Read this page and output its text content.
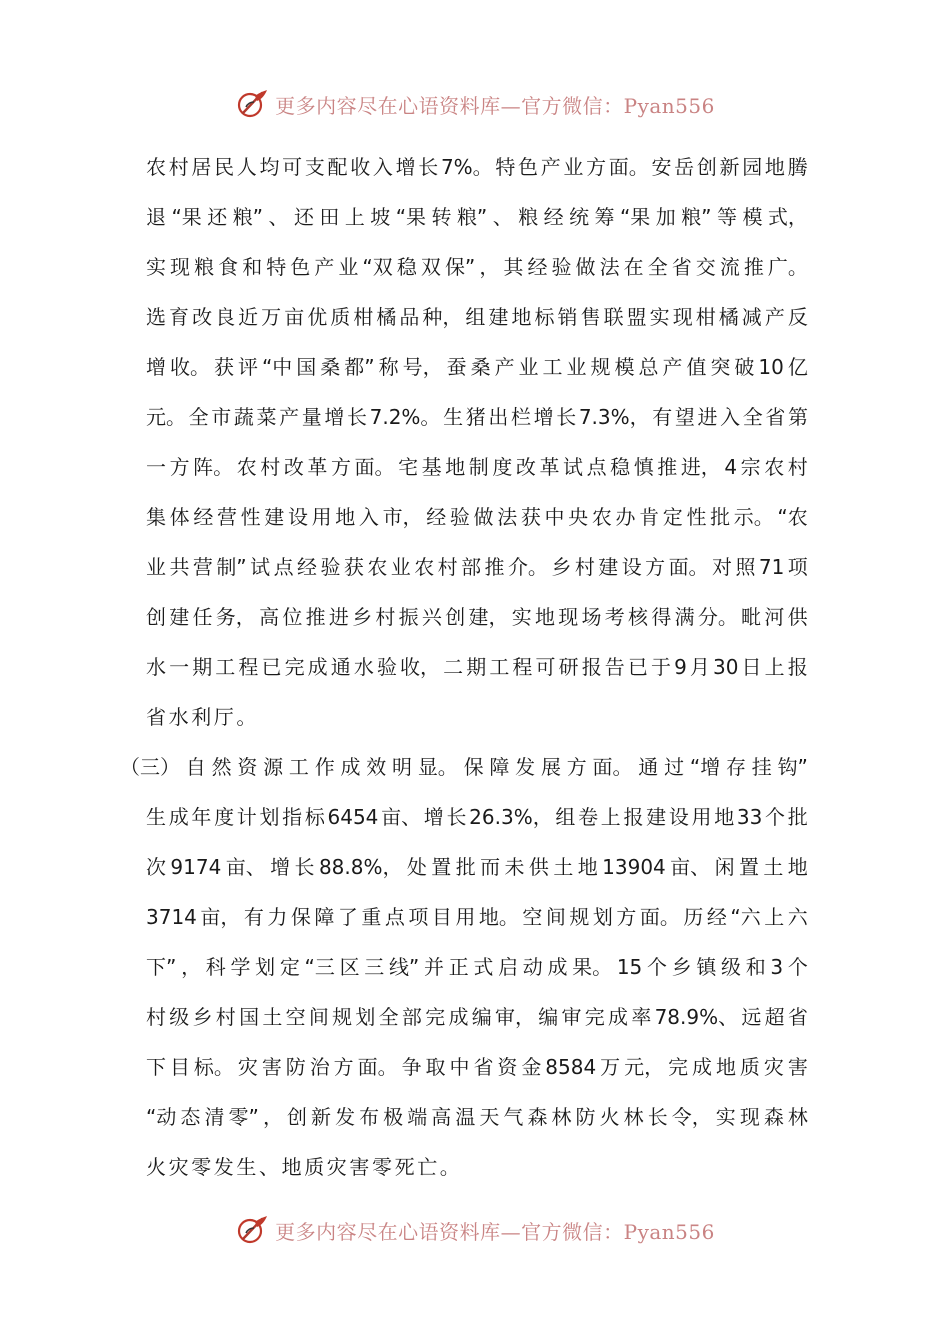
更多内容尽在心语资料库—官方微信：Pyan556
农 村 居 民 人 均 可 支 配 收 入 增 长 7%。 特 色 产 业 方 面。 安 岳 创 新 园 地 腾
退 “果 还 粮” 、 还 田 上 坡 “果 转 粮” 、 粮 经 统 筹 “果 加 粮” 等 模 式，
实 现 粮 食 和 特 色 产 业 “双 稳 双 保” ， 其 经 验 做 法 在 全 省 交 流 推 广。
选 育 改 良 近 万 亩 优 质 柑 橘 品 种， 组 建 地 标 销 售 联 盟 实 现 柑 橘 减 产 反
增 收。 获 评 “中 国 桑 都” 称 号， 蚕 桑 产 业 工 业 规 模 总 产 值 突 破 10 亿
元。 全 市 蔬 菜 产 量 增 长 7.2%。 生 猪 出 栏 增 长 7.3%， 有 望 进 入 全 省 第
一 方 阵。 农 村 改 革 方 面。 宅 基 地 制 度 改 革 试 点 稳 慎 推 进， 4 宗 农 村
集 体 经 营 性 建 设 用 地 入 市， 经 验 做 法 获 中 央 农 办 肯 定 性 批 示。 “农
业 共 营 制” 试 点 经 验 获 农 业 农 村 部 推 介。 乡 村 建 设 方 面。 对 照 71 项
创 建 任 务， 高 位 推 进 乡 村 振 兴 创 建， 实 地 现 场 考 核 得 满 分。 毗 河 供
水 一 期 工 程 已 完 成 通 水 验 收， 二 期 工 程 可 研 报 告 已 于 9 月 30 日 上 报
省水利厅。
（三） 自 然 资 源 工 作 成 效 明 显。 保 障 发 展 方 面。 通 过 “增 存 挂 钩”
生 成 年 度 计 划 指 标 6454 亩、 增 长 26.3%， 组 卷 上 报 建 设 用 地 33 个 批
次 9174 亩、 增 长 88.8%， 处 置 批 而 未 供 土 地 13904 亩、 闲 置 土 地
3714 亩， 有 力 保 障 了 重 点 项 目 用 地。 空 间 规 划 方 面。 历 经 “六 上 六
下” ， 科 学 划 定 “三 区 三 线” 并 正 式 启 动 成 果。 15 个 乡 镇 级 和 3 个
村 级 乡 村 国 土 空 间 规 划 全 部 完 成 编 审， 编 审 完 成 率 78.9%、 远 超 省
下 目 标。 灾 害 防 治 方 面。 争 取 中 省 资 金 8584 万 元， 完 成 地 质 灾 害
“动 态 清 零” ， 创 新 发 布 极 端 高 温 天 气 森 林 防 火 林 长 令， 实 现 森 林
火灾零发生、地质灾害零死亡。
更多内容尽在心语资料库—官方微信：Pyan556
